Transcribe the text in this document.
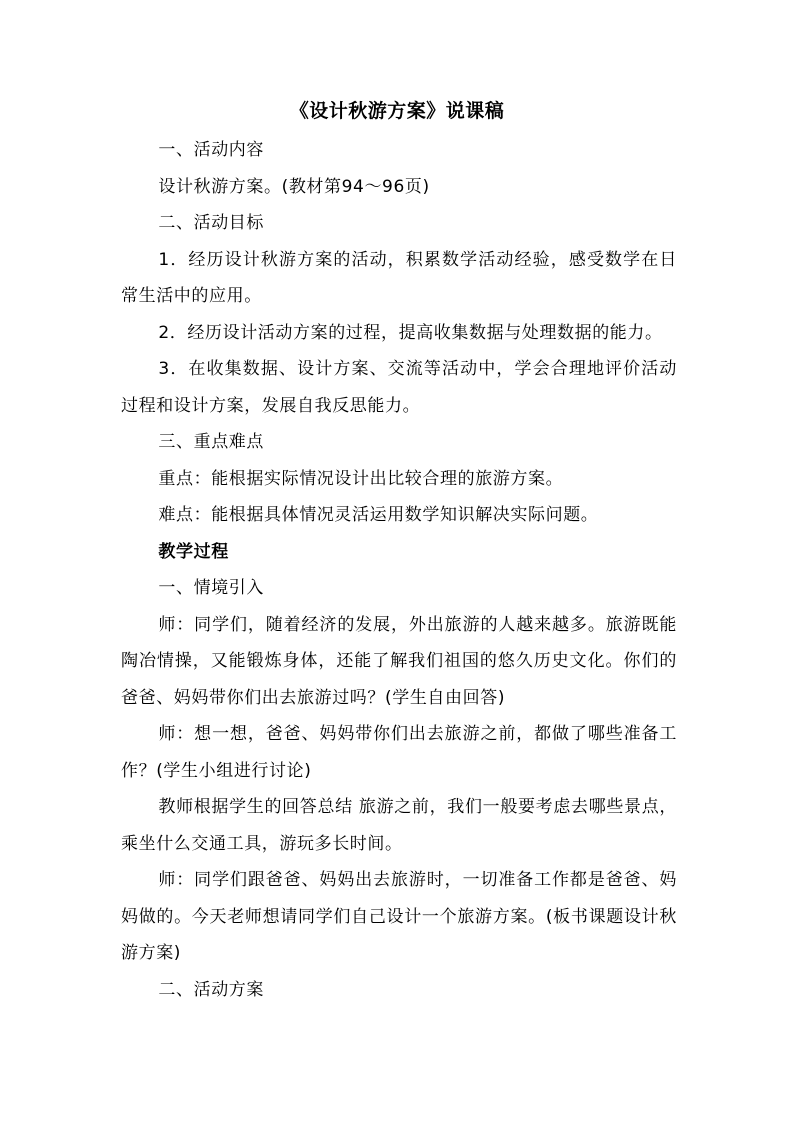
《设计秋游方案》说课稿

一、活动内容

设计秋游方案。(教材第94～96页)

二、活动目标

1．经历设计秋游方案的活动，积累数学活动经验，感受数学在日常生活中的应用。

2．经历设计活动方案的过程，提高收集数据与处理数据的能力。

3．在收集数据、设计方案、交流等活动中，学会合理地评价活动过程和设计方案，发展自我反思能力。

三、重点难点

重点：能根据实际情况设计出比较合理的旅游方案。

难点：能根据具体情况灵活运用数学知识解决实际问题。

教学过程

一、情境引入

师：同学们，随着经济的发展，外出旅游的人越来越多。旅游既能陶冶情操，又能锻炼身体，还能了解我们祖国的悠久历史文化。你们的爸爸、妈妈带你们出去旅游过吗？(学生自由回答)

师：想一想，爸爸、妈妈带你们出去旅游之前，都做了哪些准备工作？(学生小组进行讨论)

教师根据学生的回答总结 旅游之前，我们一般要考虑去哪些景点，乘坐什么交通工具，游玩多长时间。

师：同学们跟爸爸、妈妈出去旅游时，一切准备工作都是爸爸、妈妈做的。今天老师想请同学们自己设计一个旅游方案。(板书课题设计秋游方案)

二、活动方案
